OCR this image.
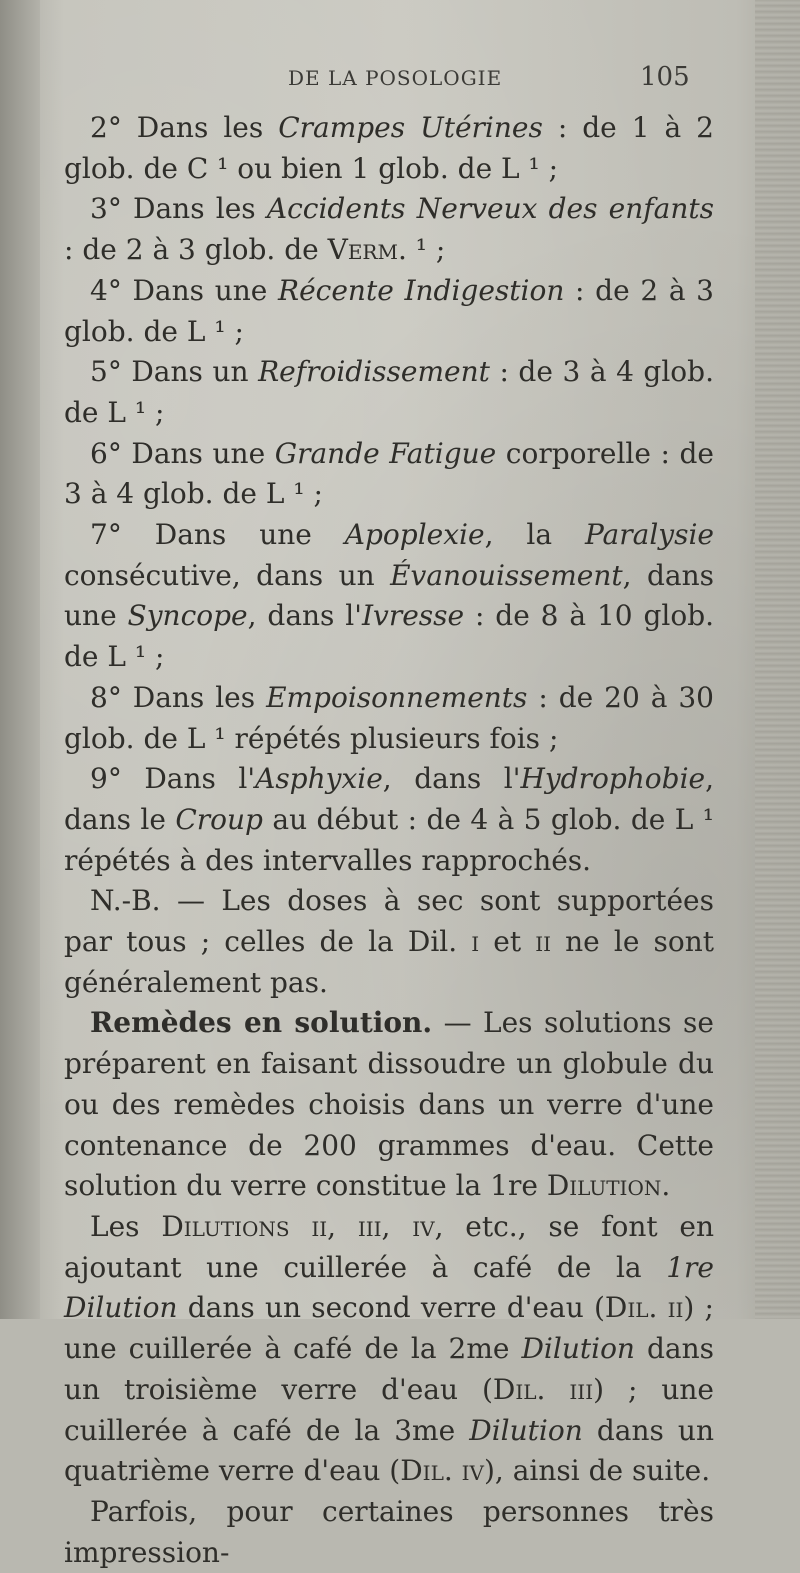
DE LA POSOLOGIE	105

2° Dans les Crampes Utérines : de 1 à 2 glob. de C ¹ ou bien 1 glob. de L ¹ ;

3° Dans les Accidents Nerveux des enfants : de 2 à 3 glob. de Verm. ¹ ;

4° Dans une Récente Indigestion : de 2 à 3 glob. de L ¹ ;

5° Dans un Refroidissement : de 3 à 4 glob. de L ¹ ;

6° Dans une Grande Fatigue corporelle : de 3 à 4 glob. de L ¹ ;

7° Dans une Apoplexie, la Paralysie consécutive, dans un Évanouissement, dans une Syncope, dans l'Ivresse : de 8 à 10 glob. de L ¹ ;

8° Dans les Empoisonnements : de 20 à 30 glob. de L ¹ répétés plusieurs fois ;

9° Dans l'Asphyxie, dans l'Hydrophobie, dans le Croup au début : de 4 à 5 glob. de L ¹ répétés à des intervalles rapprochés.

N.-B. — Les doses à sec sont supportées par tous ; celles de la Dil. i et ii ne le sont généralement pas.

Remèdes en solution. — Les solutions se préparent en faisant dissoudre un globule du ou des remèdes choisis dans un verre d'une contenance de 200 grammes d'eau. Cette solution du verre constitue la 1re Dilution.

Les Dilutions ii, iii, iv, etc., se font en ajoutant une cuillerée à café de la 1re Dilution dans un second verre d'eau (Dil. ii) ; une cuillerée à café de la 2me Dilution dans un troisième verre d'eau (Dil. iii) ; une cuillerée à café de la 3me Dilution dans un quatrième verre d'eau (Dil. iv), ainsi de suite.

Parfois, pour certaines personnes très impression-
